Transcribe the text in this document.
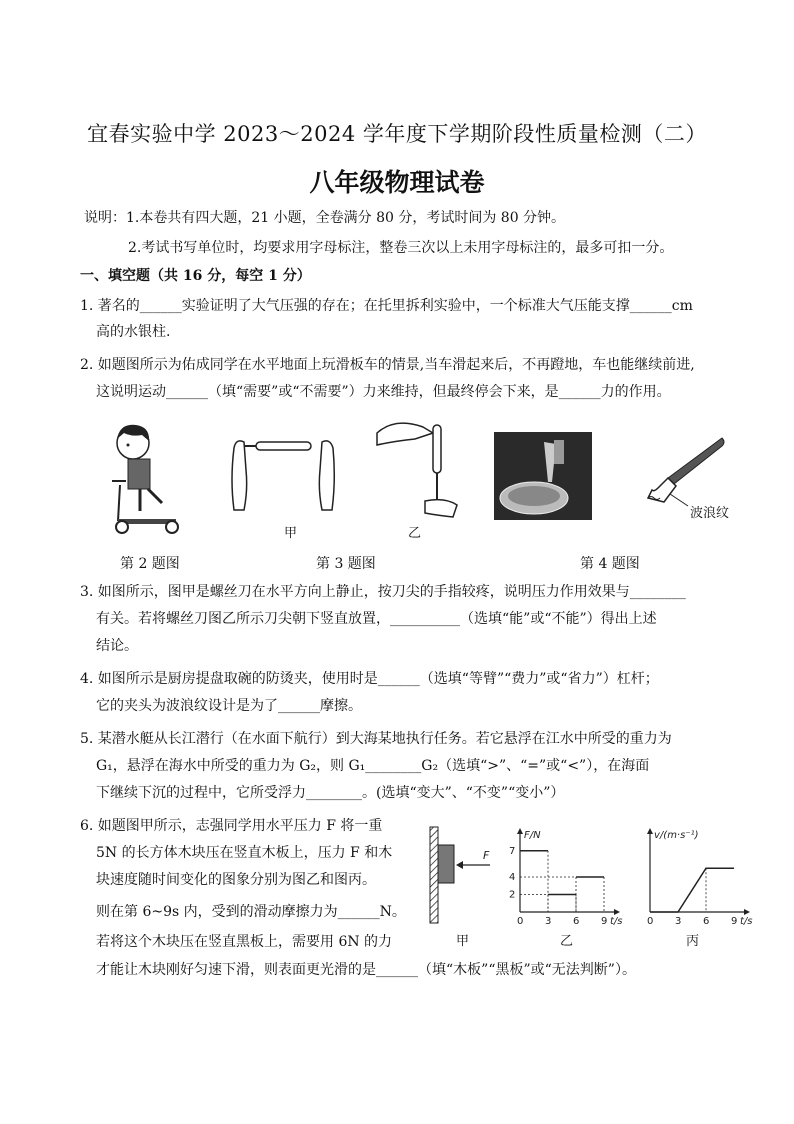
宜春实验中学 2023～2024 学年度下学期阶段性质量检测（二）
八年级物理试卷
说明：1.本卷共有四大题，21 小题，全卷满分 80 分，考试时间为 80 分钟。
2.考试书写单位时，均要求用字母标注，整卷三次以上未用字母标注的，最多可扣一分。
一、填空题（共 16 分，每空 1 分）
1. 著名的______实验证明了大气压强的存在；在托里拆利实验中，一个标准大气压能支撑______cm
高的水银柱.
2. 如题图所示为佑成同学在水平地面上玩滑板车的情景,当车滑起来后，不再蹬地，车也能继续前进,
这说明运动______（填“需要”或“不需要”）力来维持，但最终停会下来，是______力的作用。
甲	乙
波浪纹
第 2 题图	第 3 题图	第 4 题图
3. 如图所示，图甲是螺丝刀在水平方向上静止，按刀尖的手指较疼，说明压力作用效果与________
有关。若将螺丝刀图乙所示刀尖朝下竖直放置，__________（选填“能”或“不能”）得出上述
结论。
4. 如图所示是厨房提盘取碗的防烫夹，使用时是______（选填“等臂”“费力”或“省力”）杠杆；
它的夹头为波浪纹设计是为了______摩擦。
5. 某潜水艇从长江潜行（在水面下航行）到大海某地执行任务。若它悬浮在江水中所受的重力为
G₁，悬浮在海水中所受的重力为 G₂，则 G₁________G₂（选填“>”、“=”或“<”），在海面
下继续下沉的过程中，它所受浮力________。(选填“变大”、“不变”“变小”）
6. 如题图甲所示，志强同学用水平压力 F 将一重
5N 的长方体木块压在竖直木板上，压力 F 和木
块速度随时间变化的图象分别为图乙和图丙。
则在第 6~9s 内，受到的滑动摩擦力为______N。
若将这个木块压在竖直黑板上，需要用 6N 的力
才能让木块刚好匀速下滑，则表面更光滑的是______（填“木板”“黑板”或“无法判断”）。
F
甲
F/N
t/s
0 3 6 9
2
4
7
乙
v/(m·s⁻¹)
t/s
0 3 6 9
丙
